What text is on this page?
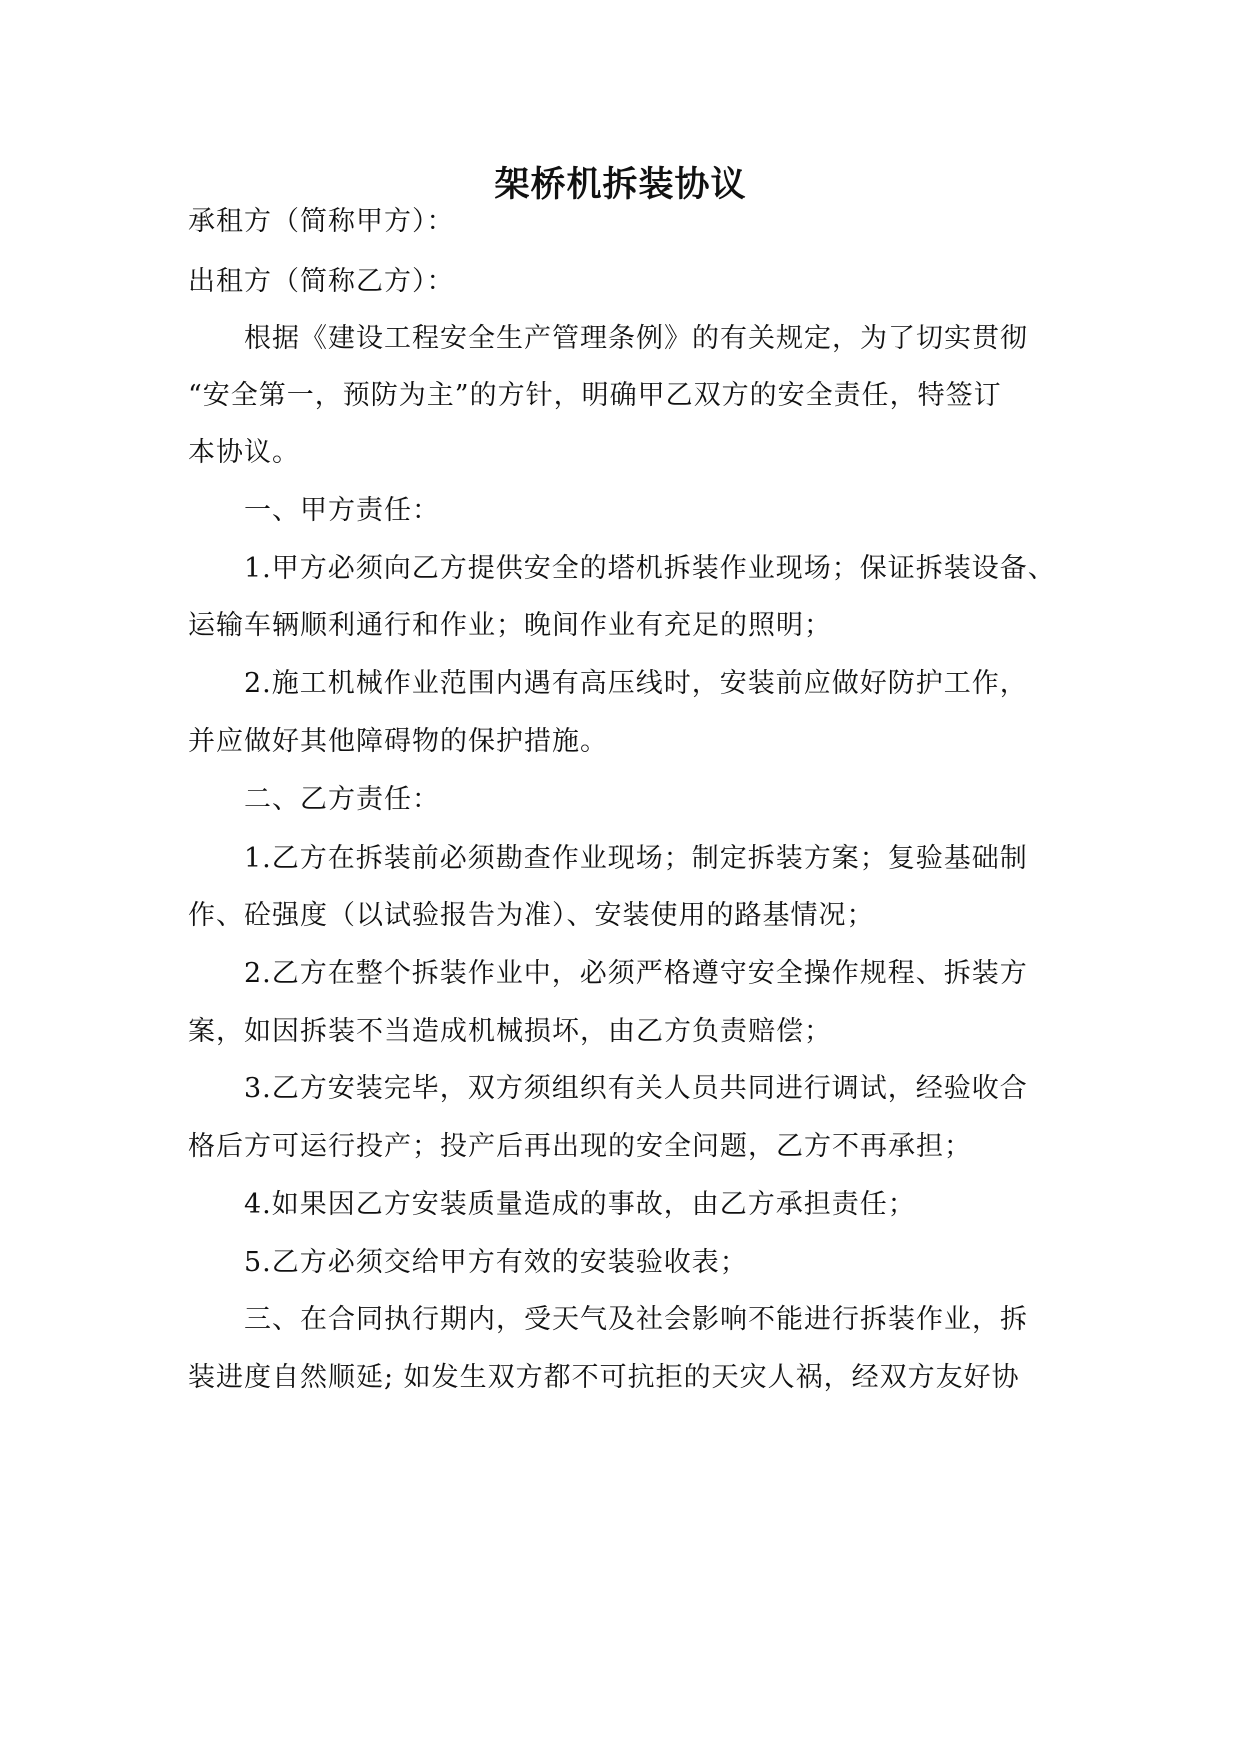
架桥机拆装协议
承租方（简称甲方）：
出租方（简称乙方）：
根据《建设工程安全生产管理条例》的有关规定，为了切实贯彻
“安全第一，预防为主”的方针，明确甲乙双方的安全责任，特签订
本协议。
一、甲方责任：
1.甲方必须向乙方提供安全的塔机拆装作业现场；保证拆装设备、
运输车辆顺利通行和作业；晚间作业有充足的照明；
2.施工机械作业范围内遇有高压线时，安装前应做好防护工作，
并应做好其他障碍物的保护措施。
二、乙方责任：
1.乙方在拆装前必须勘查作业现场；制定拆装方案；复验基础制
作、砼强度（以试验报告为准）、安装使用的路基情况；
2.乙方在整个拆装作业中，必须严格遵守安全操作规程、拆装方
案，如因拆装不当造成机械损坏，由乙方负责赔偿；
3.乙方安装完毕，双方须组织有关人员共同进行调试，经验收合
格后方可运行投产；投产后再出现的安全问题，乙方不再承担；
4.如果因乙方安装质量造成的事故，由乙方承担责任；
5.乙方必须交给甲方有效的安装验收表；
三、在合同执行期内，受天气及社会影响不能进行拆装作业，拆
装进度自然顺延; 如发生双方都不可抗拒的天灾人祸，经双方友好协
